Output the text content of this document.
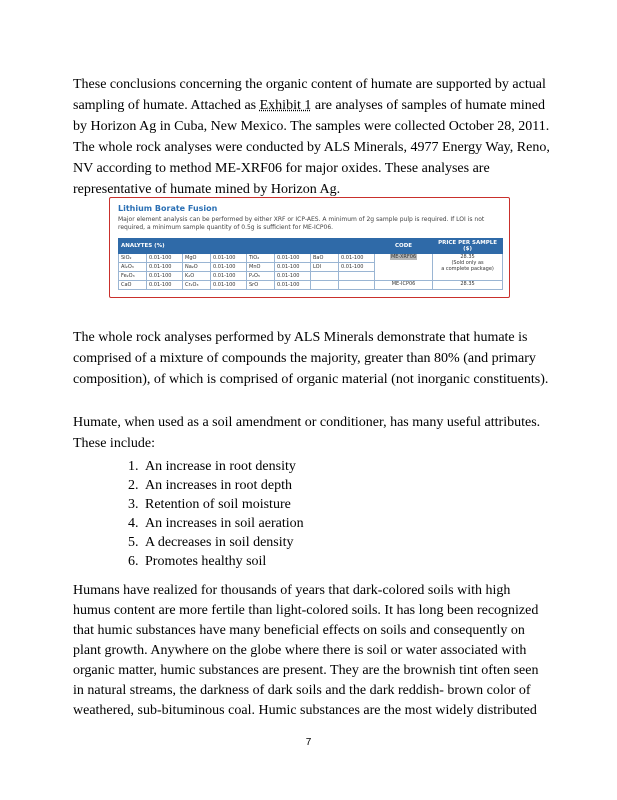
These conclusions concerning the organic content of humate are supported by actual sampling of humate. Attached as Exhibit 1 are analyses of samples of humate mined by Horizon Ag in Cuba, New Mexico. The samples were collected October 28, 2011. The whole rock analyses were conducted by ALS Minerals, 4977 Energy Way, Reno, NV according to method ME-XRF06 for major oxides. These analyses are representative of humate mined by Horizon Ag.

Lithium Borate Fusion
Major element analysis can be performed by either XRF or ICP-AES. A minimum of 2g sample pulp is required. If LOI is not required, a minimum sample quantity of 0.5g is sufficient for ME-ICP06.
ANALYTES (%)								CODE	PRICE PER SAMPLE ($)
SiO₂	0.01-100	MgO	0.01-100	TiO₂	0.01-100	BaO	0.01-100	ME-XRF06	28.35
(Sold only as
a complete package)

Al₂O₃	0.01-100	Na₂O	0.01-100	MnO	0.01-100	LOI	0.01-100		
Fe₂O₃	0.01-100	K₂O	0.01-100	P₂O₅	0.01-100				
CaO	0.01-100	Cr₂O₃	0.01-100	SrO	0.01-100			ME-ICP06	28.35

The whole rock analyses performed by ALS Minerals demonstrate that humate is comprised of a mixture of compounds the majority, greater than 80% (and primary composition), of which is comprised of organic material (not inorganic constituents).

Humate, when used as a soil amendment or conditioner, has many useful attributes. These include:

1. An increase in root density
2. An increases in root depth
3. Retention of soil moisture
4. An increases in soil aeration
5. A decreases in soil density
6. Promotes healthy soil

Humans have realized for thousands of years that dark-colored soils with high humus content are more fertile than light-colored soils. It has long been recognized that humic substances have many beneficial effects on soils and consequently on plant growth. Anywhere on the globe where there is soil or water associated with organic matter, humic substances are present. They are the brownish tint often seen in natural streams, the darkness of dark soils and the dark reddish- brown color of weathered, sub-bituminous coal. Humic substances are the most widely distributed

7
